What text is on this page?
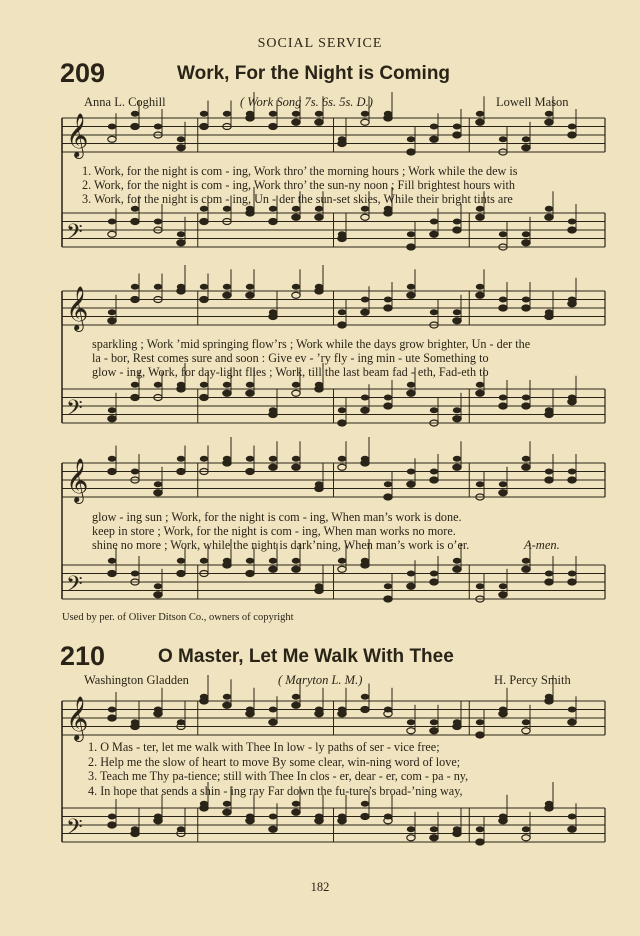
𝄞
𝄢
𝄞
𝄢
𝄞
𝄢
𝄞
𝄢
SOCIAL SERVICE
209	Work, For the Night is Coming
Anna L. Coghill	( Work Song 7s. 6s. 5s. D.)	Lowell Mason
1. Work, for the night is com - ing, Work thro’ the morning hours ; Work while the dew is
2. Work, for the night is com - ing, Work thro’ the sun-ny noon ; Fill brightest hours with
3. Work, for the night is com - ing, Un - der the sun-set skies, While their bright tints are
sparkling ; Work ’mid springing flow’rs ; Work while the days grow brighter, Un - der the
la - bor, Rest comes sure and soon : Give ev - ’ry fly - ing min - ute Something to
glow - ing, Work, for day-light flies ; Work, till the last beam fad - eth, Fad-eth to
glow - ing sun ; Work, for the night is com - ing, When man’s work is done.
keep in store ; Work, for the night is com - ing, When man works no more.
shine no more ; Work, while the night is dark’ning, When man’s work is o’er.	A-men.
Used by per. of Oliver Ditson Co., owners of copyright
210	O Master, Let Me Walk With Thee
Washington Gladden	( Maryton L. M.)	H. Percy Smith
1. O Mas - ter, let me walk with Thee In low - ly paths of ser - vice free;
2. Help me the slow of heart to move By some clear, win-ning word of love;
3. Teach me Thy pa-tience; still with Thee In clos - er, dear - er, com - pa - ny,
4. In hope that sends a shin - ing ray Far down the fu-ture’s broad-’ning way,
182
